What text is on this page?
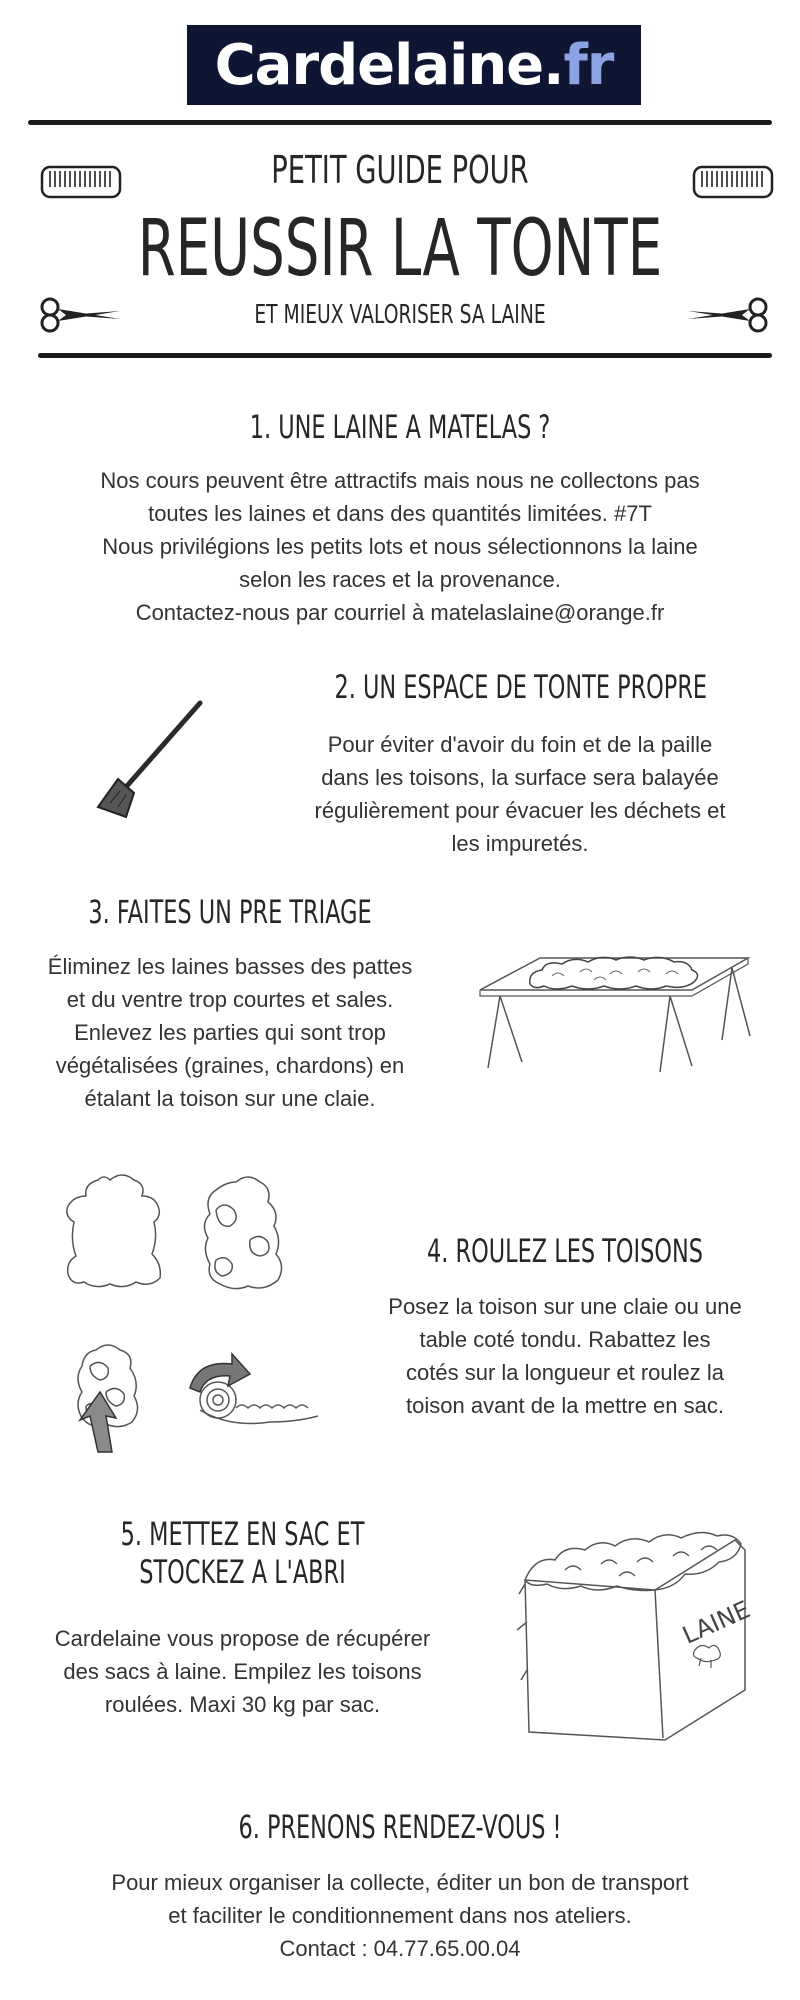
Cardelaine. fr
PETIT GUIDE POUR
REUSSIR LA TONTE
ET MIEUX VALORISER SA LAINE
1. UNE LAINE A MATELAS ?
Nos cours peuvent être attractifs mais nous ne collectons pas
toutes les laines et dans des quantités limitées. #7T
Nous privilégions les petits lots et nous sélectionnons la laine
selon les races et la provenance.
Contactez-nous par courriel à matelaslaine@orange.fr
2. UN ESPACE DE TONTE PROPRE
Pour éviter d'avoir du foin et de la paille
dans les toisons, la surface sera balayée
régulièrement pour évacuer les déchets et
les impuretés.
3. FAITES UN PRE TRIAGE
Éliminez les laines basses des pattes
et du ventre trop courtes et sales.
Enlevez les parties qui sont trop
végétalisées (graines, chardons) en
étalant la toison sur une claie.
4. ROULEZ LES TOISONS
Posez la toison sur une claie ou une
table coté tondu. Rabattez les
cotés sur la longueur et roulez la
toison avant de la mettre en sac.
5. METTEZ EN SAC ET
STOCKEZ A L'ABRI
Cardelaine vous propose de récupérer
des sacs à laine. Empilez les toisons
roulées. Maxi 30 kg par sac.
LAINE
6. PRENONS RENDEZ-VOUS !
Pour mieux organiser la collecte, éditer un bon de transport
et faciliter le conditionnement dans nos ateliers.
Contact : 04.77.65.00.04
